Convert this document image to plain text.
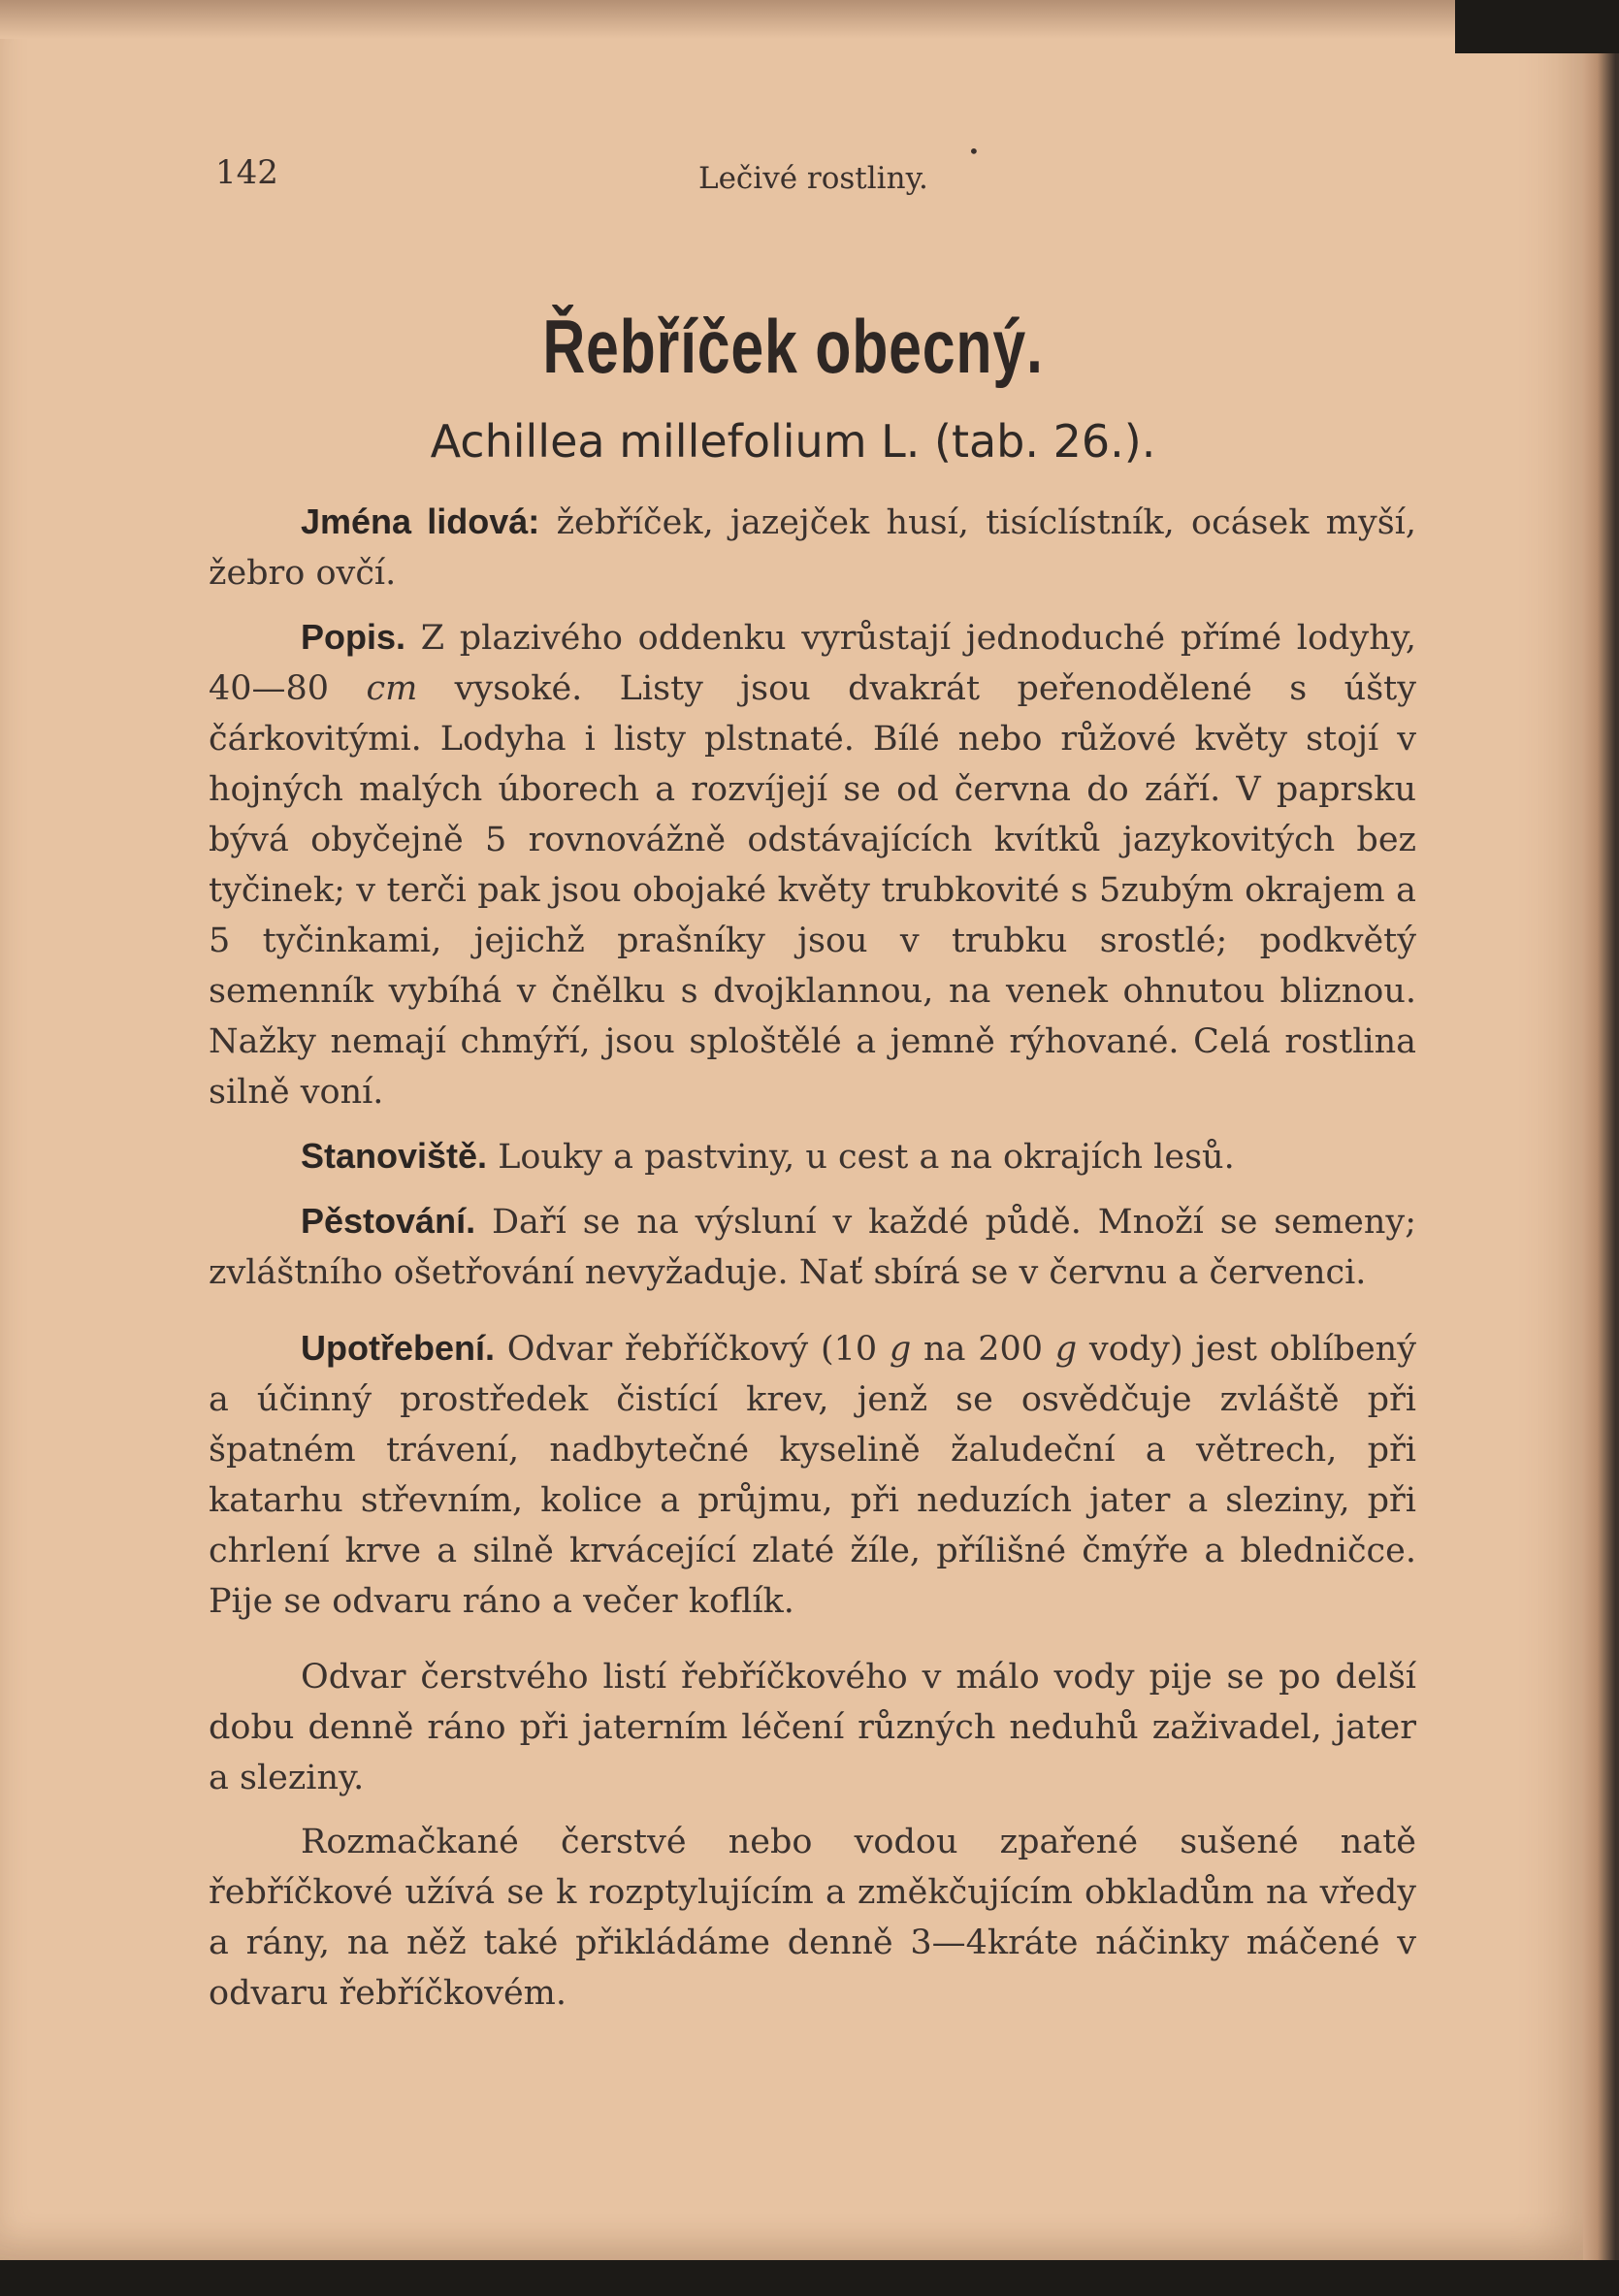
142	Lečivé rostliny.
•
Řebříček obecný.
Achillea millefolium L. (tab. 26.).

Jména lidová: žebříček, jazejček husí, tisíclístník, ocásek myší, žebro ovčí.

Popis. Z plazivého oddenku vyrůstají jednoduché přímé lodyhy, 40—80 cm vysoké. Listy jsou dvakrát peřenodělené s úšty čárkovitými. Lodyha i listy plstnaté. Bílé nebo růžové květy stojí v hojných malých úborech a rozvíjejí se od června do září. V paprsku bývá obyčejně 5 rovnovážně odstávajících kvítků jazykovitých bez tyčinek; v terči pak jsou obojaké květy trubkovité s 5zubým okrajem a 5 tyčinkami, jejichž prašníky jsou v trubku srostlé; podkvětý semenník vybíhá v čnělku s dvojklannou, na venek ohnutou bliznou. Nažky nemají chmýří, jsou sploštělé a jemně rýhované. Celá rostlina silně voní.

Stanoviště. Louky a pastviny, u cest a na okrajích lesů.

Pěstování. Daří se na výsluní v každé půdě. Množí se semeny; zvláštního ošetřování nevyžaduje. Nať sbírá se v červnu a červenci.

Upotřebení. Odvar řebříčkový (10 g na 200 g vody) jest oblíbený a účinný prostředek čistící krev, jenž se osvědčuje zvláště při špatném trávení, nadbytečné kyselině žaludeční a větrech, při katarhu střevním, kolice a průjmu, při neduzích jater a sleziny, při chrlení krve a silně krvácející zlaté žíle, přílišné čmýře a bledničce. Pije se odvaru ráno a večer koflík.

Odvar čerstvého listí řebříčkového v málo vody pije se po delší dobu denně ráno při jaterním léčení různých neduhů zaživadel, jater a sleziny.

Rozmačkané čerstvé nebo vodou zpařené sušené natě řebříčkové užívá se k rozptylujícím a změkčujícím obkladům na vředy a rány, na něž také přikládáme denně 3—4kráte náčinky máčené v odvaru řebříčkovém.
